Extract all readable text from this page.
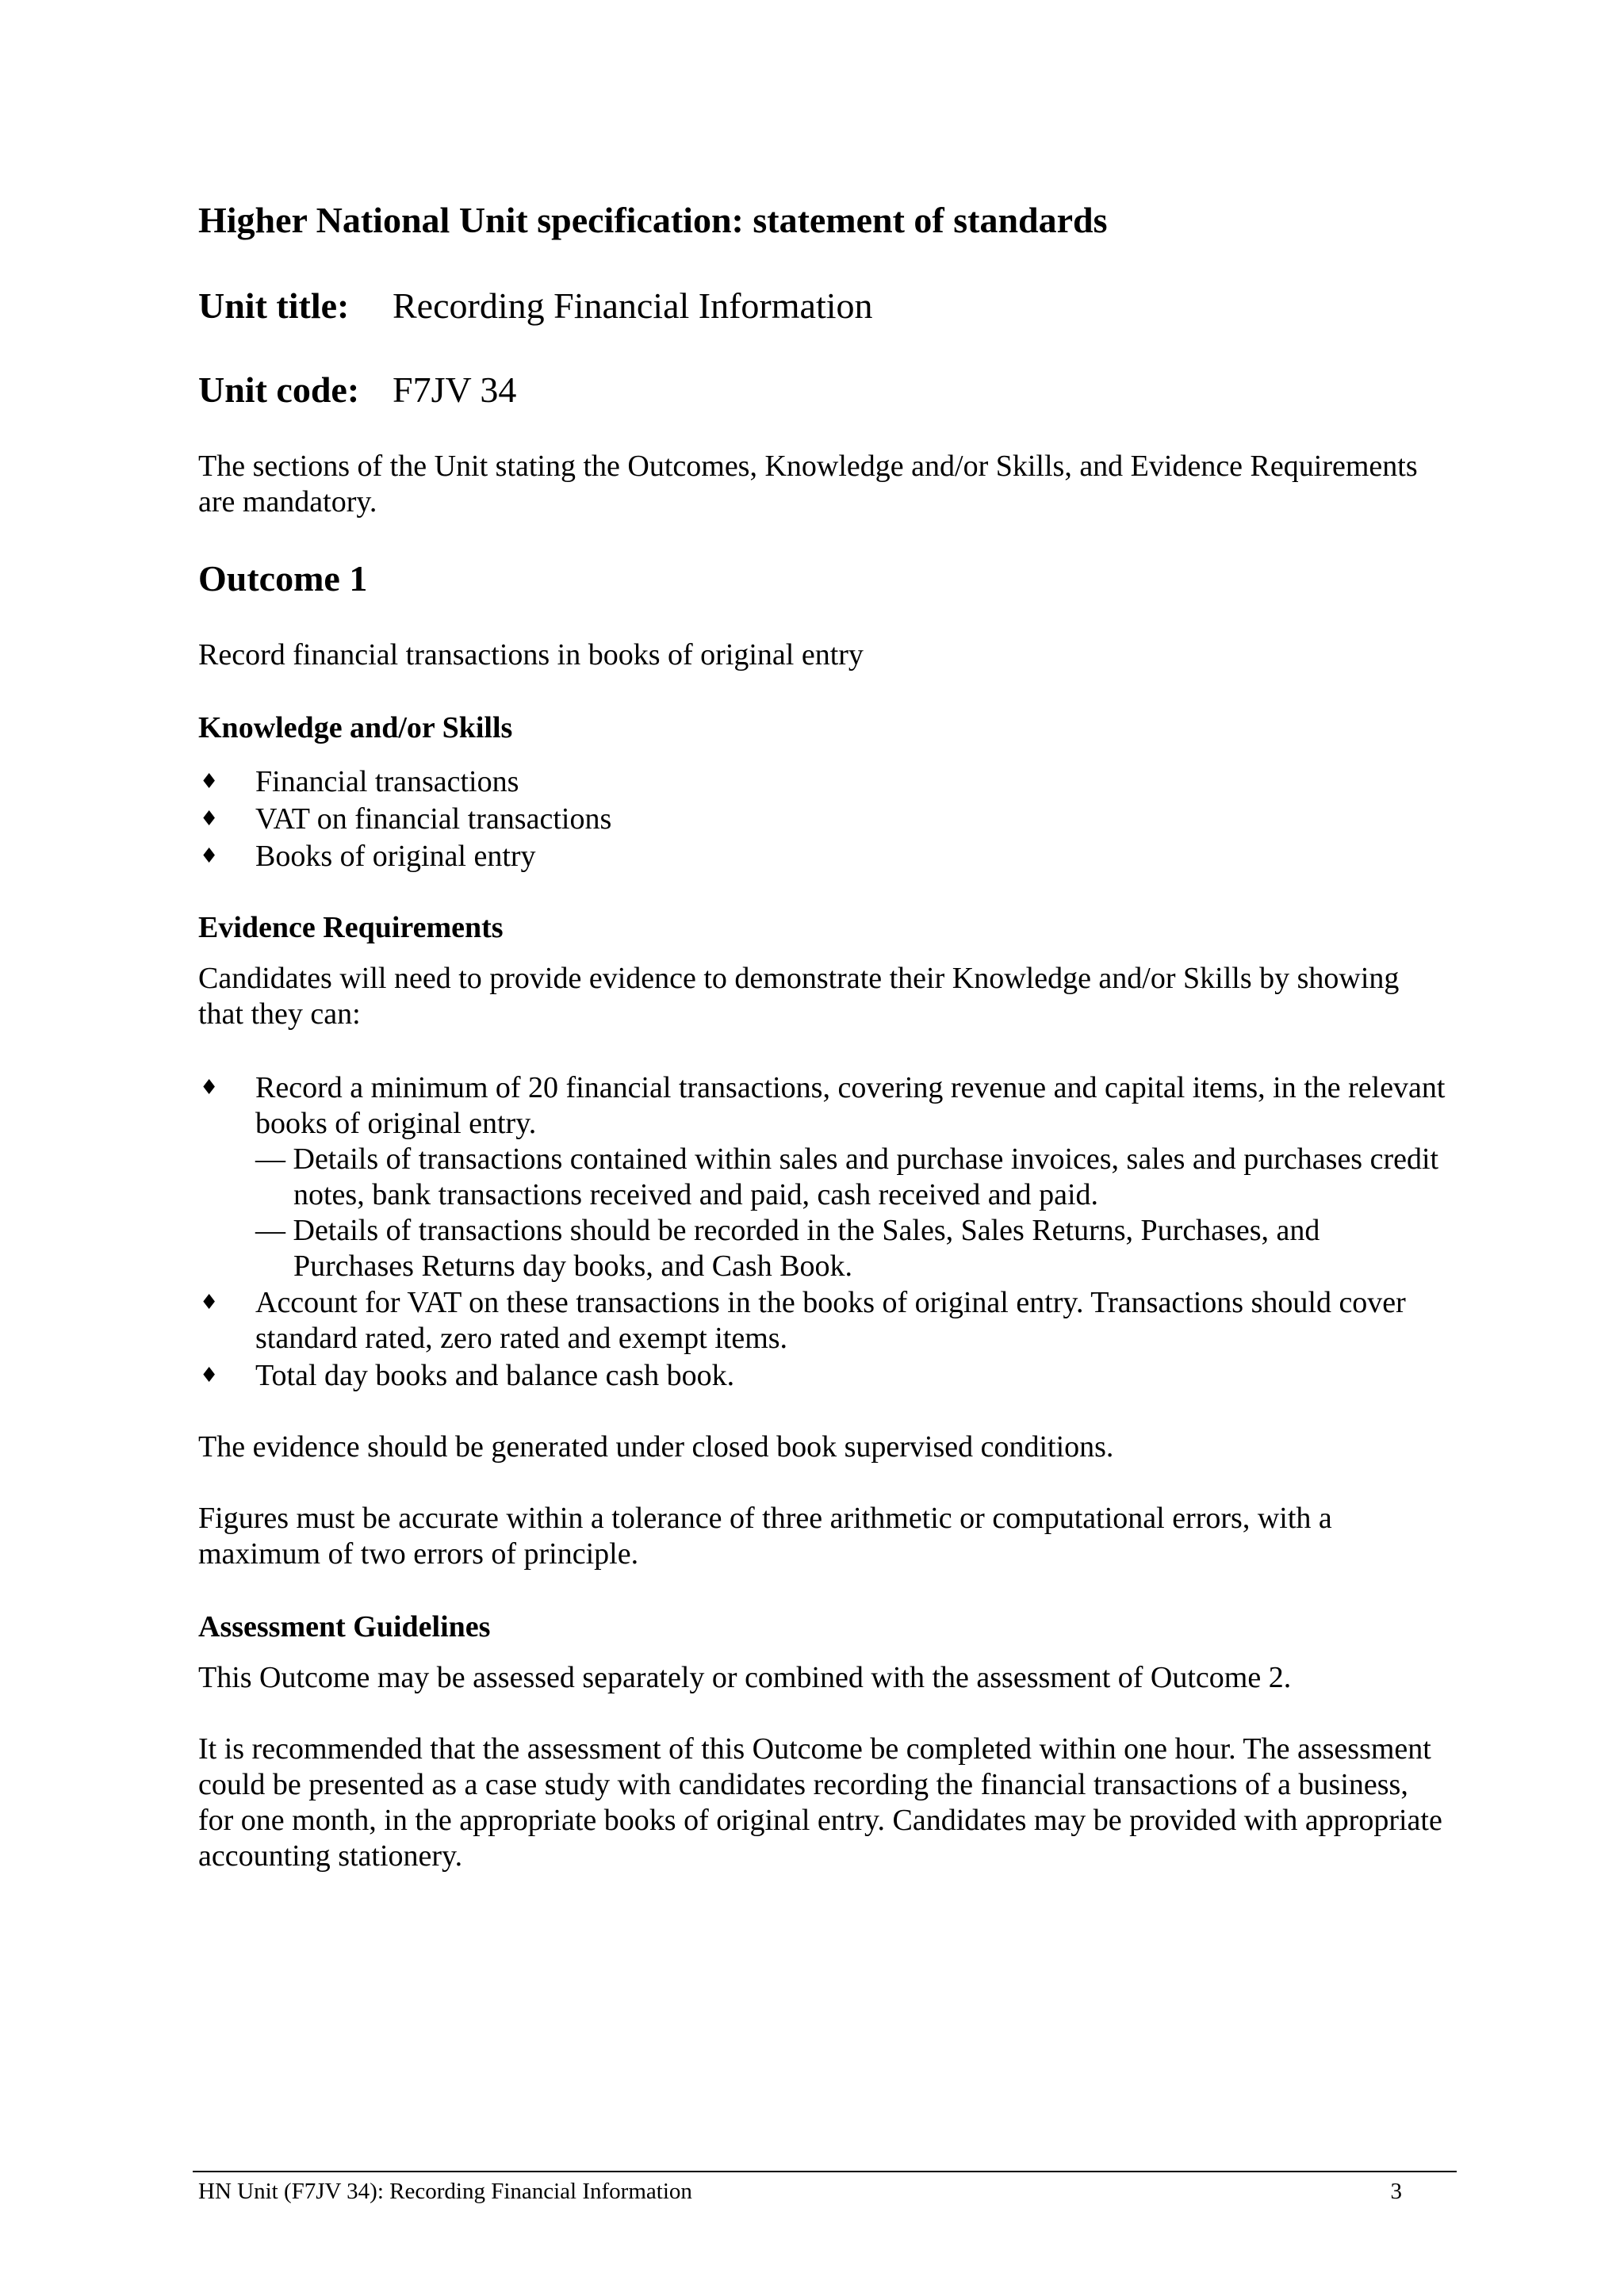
Higher National Unit specification: statement of standards
Unit title: Recording Financial Information
Unit code: F7JV 34

The sections of the Unit stating the Outcomes, Knowledge and/or Skills, and Evidence Requirements

are mandatory.

Outcome 1

Record financial transactions in books of original entry

Knowledge and/or Skills
♦ Financial transactions
♦ VAT on financial transactions
♦ Books of original entry
Evidence Requirements

Candidates will need to provide evidence to demonstrate their Knowledge and/or Skills by showing

that they can:

♦ Record a minimum of 20 financial transactions, covering revenue and capital items, in the relevant

books of original entry.

— Details of transactions contained within sales and purchase invoices, sales and purchases credit

notes, bank transactions received and paid, cash received and paid.

— Details of transactions should be recorded in the Sales, Sales Returns, Purchases, and

Purchases Returns day books, and Cash Book.

♦ Account for VAT on these transactions in the books of original entry. Transactions should cover

standard rated, zero rated and exempt items.

♦ Total day books and balance cash book.

The evidence should be generated under closed book supervised conditions.

Figures must be accurate within a tolerance of three arithmetic or computational errors, with a

maximum of two errors of principle.

Assessment Guidelines

This Outcome may be assessed separately or combined with the assessment of Outcome 2.

It is recommended that the assessment of this Outcome be completed within one hour. The assessment

could be presented as a case study with candidates recording the financial transactions of a business,

for one month, in the appropriate books of original entry. Candidates may be provided with appropriate

accounting stationery.

HN Unit (F7JV 34): Recording Financial Information	3
